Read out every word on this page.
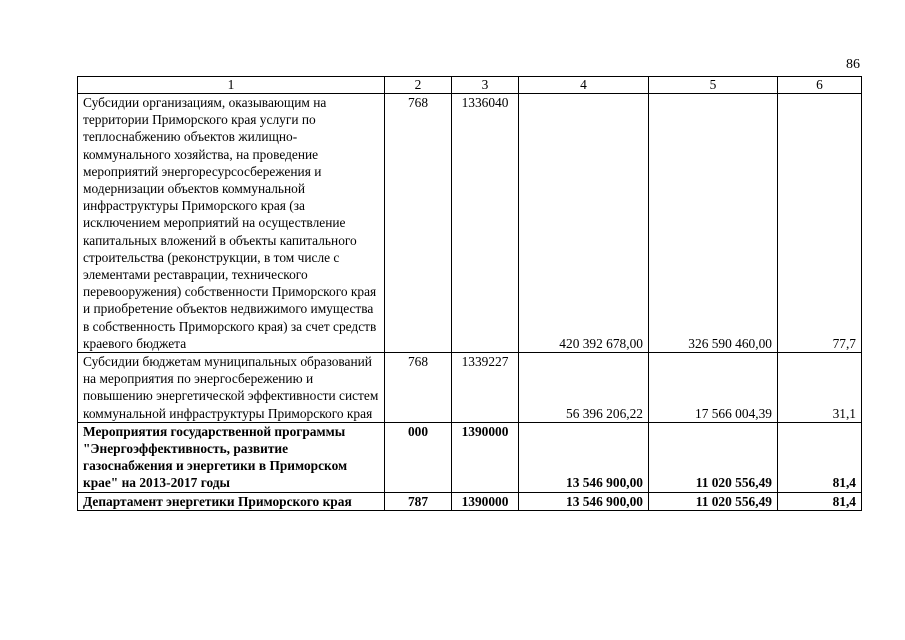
86
1	2	3	4	5	6
Субсидии организациям, оказывающим на территории Приморского края услуги по теплоснабжению объектов жилищно-коммунального хозяйства, на проведение мероприятий энергоресурсосбережения и модернизации объектов коммунальной инфраструктуры Приморского края (за исключением мероприятий на осуществление капитальных вложений в объекты капитального строительства (реконструкции, в том числе с элементами реставрации, технического перевооружения) собственности Приморского края и приобретение объектов недвижимого имущества в собственность Приморского края) за счет средств краевого бюджета	768	1336040	420 392 678,00	326 590 460,00	77,7
Субсидии бюджетам муниципальных образований на мероприятия по энергосбережению и повышению энергетической эффективности систем коммунальной инфраструктуры Приморского края	768	1339227	56 396 206,22	17 566 004,39	31,1
Мероприятия государственной программы "Энергоэффективность, развитие газоснабжения и энергетики в Приморском крае" на 2013-2017 годы	000	1390000	13 546 900,00	11 020 556,49	81,4
Департамент энергетики Приморского края	787	1390000	13 546 900,00	11 020 556,49	81,4
